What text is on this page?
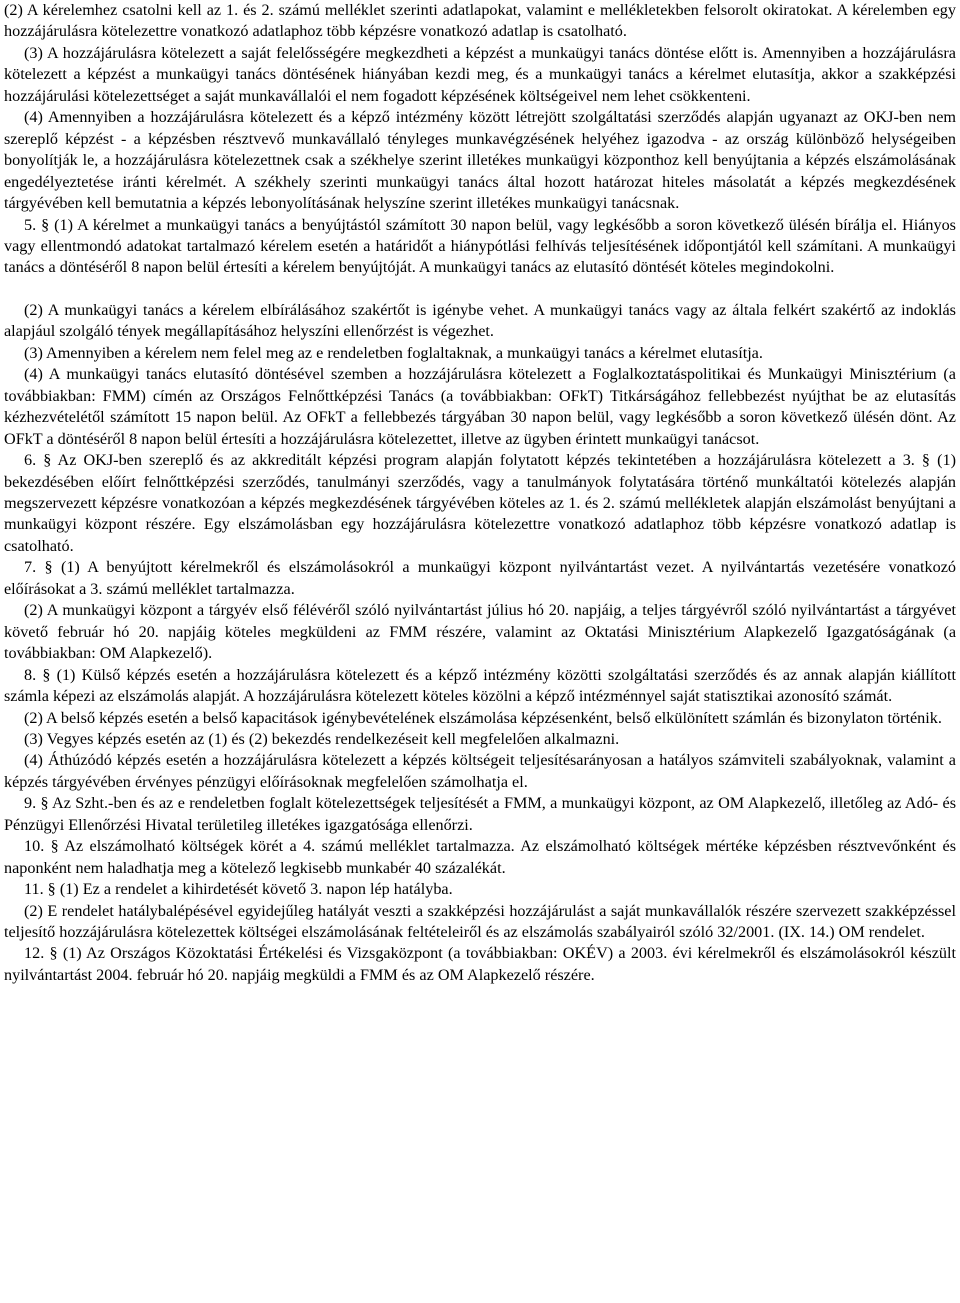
(2) A kérelemhez csatolni kell az 1. és 2. számú melléklet szerinti adatlapokat, valamint e mellékletekben felsorolt okiratokat. A kérelemben egy hozzájárulásra kötelezettre vonatkozó adatlaphoz több képzésre vonatkozó adatlap is csatolható.

(3) A hozzájárulásra kötelezett a saját felelősségére megkezdheti a képzést a munkaügyi tanács döntése előtt is. Amennyiben a hozzájárulásra kötelezett a képzést a munkaügyi tanács döntésének hiányában kezdi meg, és a munkaügyi tanács a kérelmet elutasítja, akkor a szakképzési hozzájárulási kötelezettséget a saját munkavállalói el nem fogadott képzésének költségeivel nem lehet csökkenteni.

(4) Amennyiben a hozzájárulásra kötelezett és a képző intézmény között létrejött szolgáltatási szerződés alapján ugyanazt az OKJ-ben nem szereplő képzést - a képzésben résztvevő munkavállaló tényleges munkavégzésének helyéhez igazodva - az ország különböző helységeiben bonyolítják le, a hozzájárulásra kötelezettnek csak a székhelye szerint illetékes munkaügyi központhoz kell benyújtania a képzés elszámolásának engedélyeztetése iránti kérelmét. A székhely szerinti munkaügyi tanács által hozott határozat hiteles másolatát a képzés megkezdésének tárgyévében kell bemutatnia a képzés lebonyolításának helyszíne szerint illetékes munkaügyi tanácsnak.

5. § (1) A kérelmet a munkaügyi tanács a benyújtástól számított 30 napon belül, vagy legkésőbb a soron következő ülésén bírálja el. Hiányos vagy ellentmondó adatokat tartalmazó kérelem esetén a határidőt a hiánypótlási felhívás teljesítésének időpontjától kell számítani. A munkaügyi tanács a döntéséről 8 napon belül értesíti a kérelem benyújtóját. A munkaügyi tanács az elutasító döntését köteles megindokolni.

(2) A munkaügyi tanács a kérelem elbírálásához szakértőt is igénybe vehet. A munkaügyi tanács vagy az általa felkért szakértő az indoklás alapjául szolgáló tények megállapításához helyszíni ellenőrzést is végezhet.

(3) Amennyiben a kérelem nem felel meg az e rendeletben foglaltaknak, a munkaügyi tanács a kérelmet elutasítja.

(4) A munkaügyi tanács elutasító döntésével szemben a hozzájárulásra kötelezett a Foglalkoztatáspolitikai és Munkaügyi Minisztérium (a továbbiakban: FMM) címén az Országos Felnőttképzési Tanács (a továbbiakban: OFkT) Titkárságához fellebbezést nyújthat be az elutasítás kézhezvételétől számított 15 napon belül. Az OFkT a fellebbezés tárgyában 30 napon belül, vagy legkésőbb a soron következő ülésén dönt. Az OFkT a döntéséről 8 napon belül értesíti a hozzájárulásra kötelezettet, illetve az ügyben érintett munkaügyi tanácsot.

6. § Az OKJ-ben szereplő és az akkreditált képzési program alapján folytatott képzés tekintetében a hozzájárulásra kötelezett a 3. § (1) bekezdésében előírt felnőttképzési szerződés, tanulmányi szerződés, vagy a tanulmányok folytatására történő munkáltatói kötelezés alapján megszervezett képzésre vonatkozóan a képzés megkezdésének tárgyévében köteles az 1. és 2. számú mellékletek alapján elszámolást benyújtani a munkaügyi központ részére. Egy elszámolásban egy hozzájárulásra kötelezettre vonatkozó adatlaphoz több képzésre vonatkozó adatlap is csatolható.

7. § (1) A benyújtott kérelmekről és elszámolásokról a munkaügyi központ nyilvántartást vezet. A nyilvántartás vezetésére vonatkozó előírásokat a 3. számú melléklet tartalmazza.

(2) A munkaügyi központ a tárgyév első félévéről szóló nyilvántartást július hó 20. napjáig, a teljes tárgyévről szóló nyilvántartást a tárgyévet követő február hó 20. napjáig köteles megküldeni az FMM részére, valamint az Oktatási Minisztérium Alapkezelő Igazgatóságának (a továbbiakban: OM Alapkezelő).

8. § (1) Külső képzés esetén a hozzájárulásra kötelezett és a képző intézmény közötti szolgáltatási szerződés és az annak alapján kiállított számla képezi az elszámolás alapját. A hozzájárulásra kötelezett köteles közölni a képző intézménnyel saját statisztikai azonosító számát.

(2) A belső képzés esetén a belső kapacitások igénybevételének elszámolása képzésenként, belső elkülönített számlán és bizonylaton történik.

(3) Vegyes képzés esetén az (1) és (2) bekezdés rendelkezéseit kell megfelelően alkalmazni.

(4) Áthúzódó képzés esetén a hozzájárulásra kötelezett a képzés költségeit teljesítésarányosan a hatályos számviteli szabályoknak, valamint a képzés tárgyévében érvényes pénzügyi előírásoknak megfelelően számolhatja el.

9. § Az Szht.-ben és az e rendeletben foglalt kötelezettségek teljesítését a FMM, a munkaügyi központ, az OM Alapkezelő, illetőleg az Adó- és Pénzügyi Ellenőrzési Hivatal területileg illetékes igazgatósága ellenőrzi.

10. § Az elszámolható költségek körét a 4. számú melléklet tartalmazza. Az elszámolható költségek mértéke képzésben résztvevőnként és naponként nem haladhatja meg a kötelező legkisebb munkabér 40 százalékát.

11. § (1) Ez a rendelet a kihirdetését követő 3. napon lép hatályba.

(2) E rendelet hatálybalépésével egyidejűleg hatályát veszti a szakképzési hozzájárulást a saját munkavállalók részére szervezett szakképzéssel teljesítő hozzájárulásra kötelezettek költségei elszámolásának feltételeiről és az elszámolás szabályairól szóló 32/2001. (IX. 14.) OM rendelet.

12. § (1) Az Országos Közoktatási Értékelési és Vizsgaközpont (a továbbiakban: OKÉV) a 2003. évi kérelmekről és elszámolásokról készült nyilvántartást 2004. február hó 20. napjáig megküldi a FMM és az OM Alapkezelő részére.
